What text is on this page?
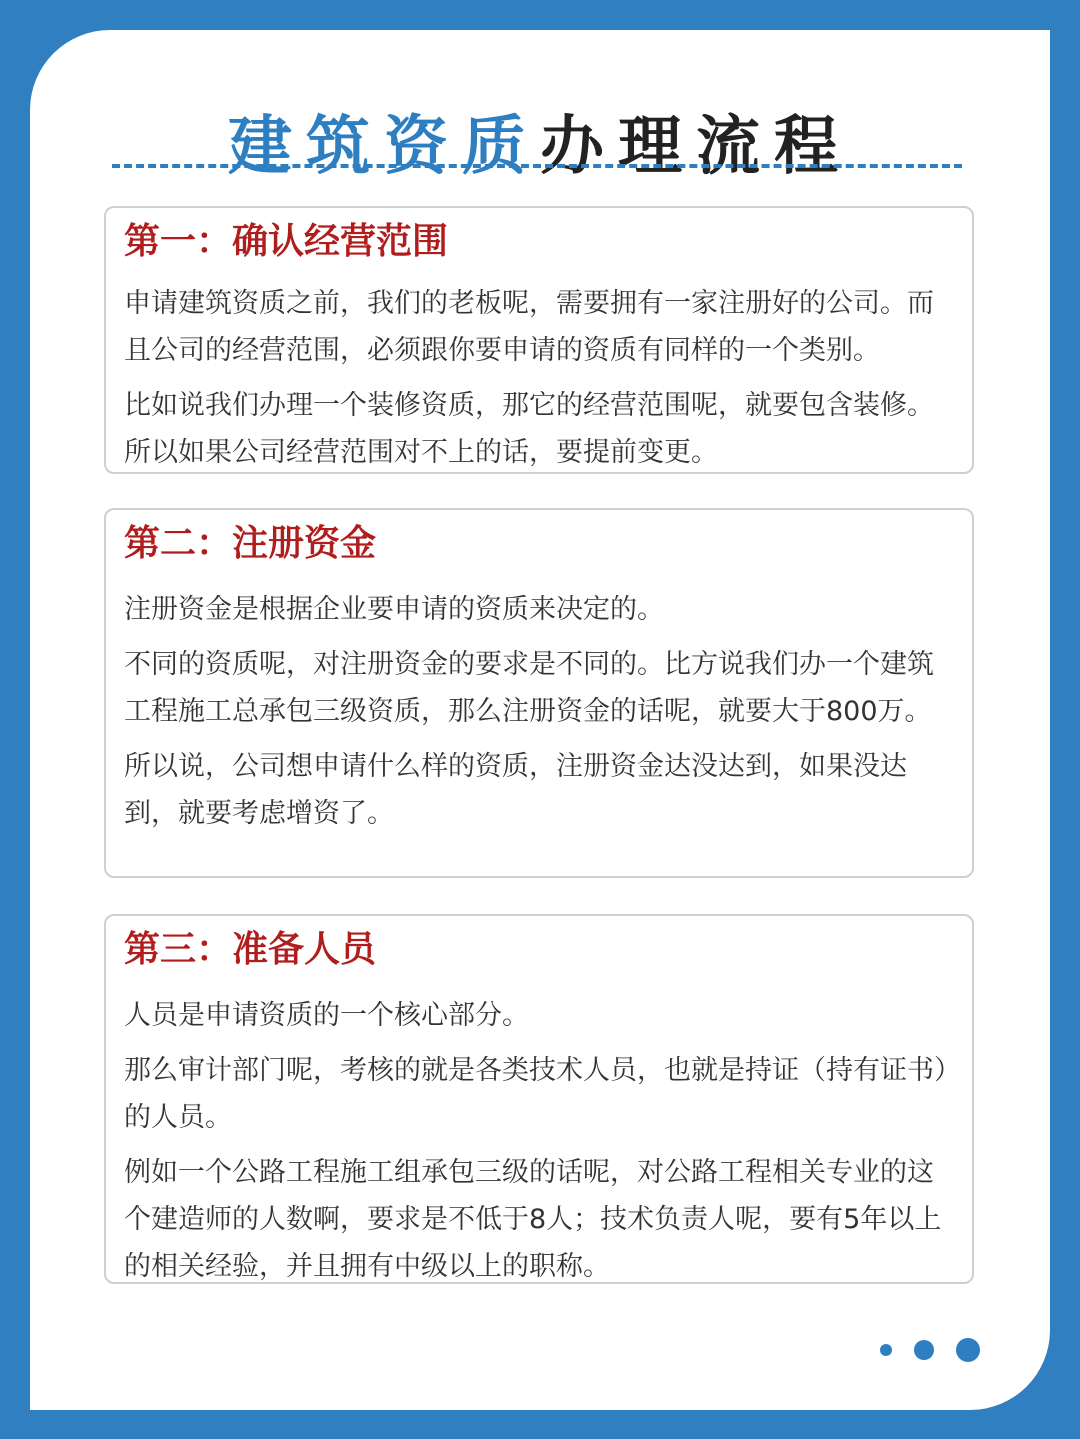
建筑资质办理流程
第一：确认经营范围

申请建筑资质之前，我们的老板呢，需要拥有一家注册好的公司。而且公司的经营范围，必须跟你要申请的资质有同样的一个类别。

比如说我们办理一个装修资质，那它的经营范围呢，就要包含装修。所以如果公司经营范围对不上的话，要提前变更。

第二：注册资金

注册资金是根据企业要申请的资质来决定的。

不同的资质呢，对注册资金的要求是不同的。比方说我们办一个建筑工程施工总承包三级资质，那么注册资金的话呢，就要大于800万。

所以说，公司想申请什么样的资质，注册资金达没达到，如果没达到，就要考虑增资了。

第三：准备人员

人员是申请资质的一个核心部分。

那么审计部门呢，考核的就是各类技术人员，也就是持证（持有证书）的人员。

例如一个公路工程施工组承包三级的话呢，对公路工程相关专业的这个建造师的人数啊，要求是不低于8人；技术负责人呢，要有5年以上的相关经验，并且拥有中级以上的职称。
